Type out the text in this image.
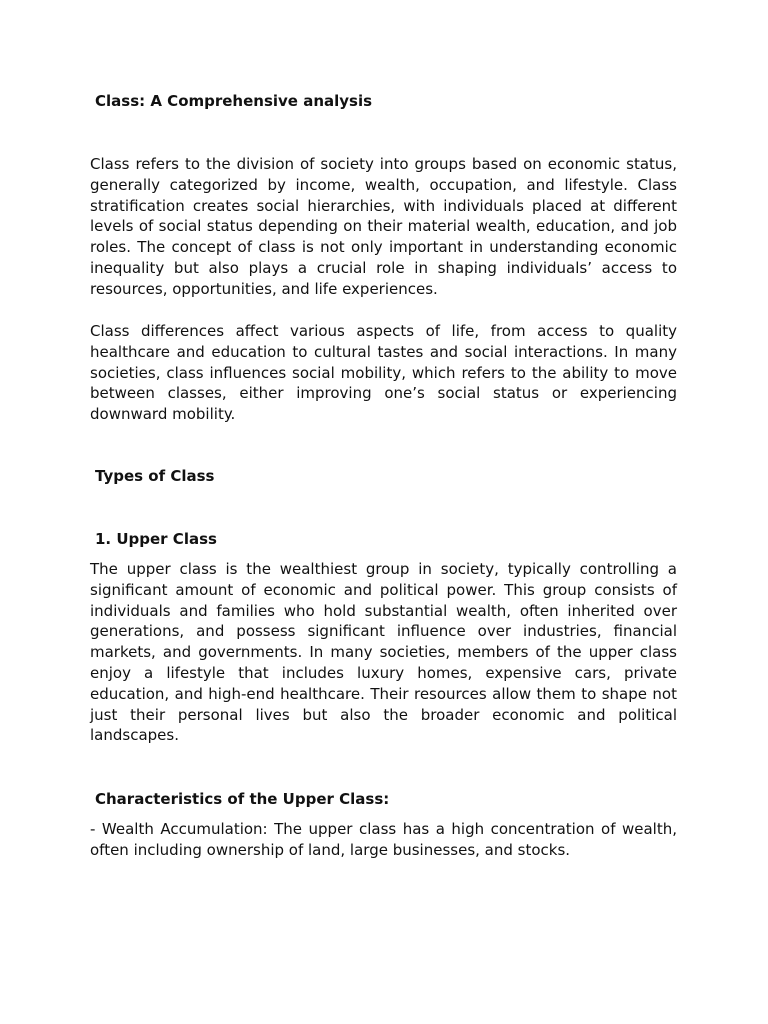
Class: A Comprehensive analysis

Class refers to the division of society into groups based on economic status, generally categorized by income, wealth, occupation, and lifestyle. Class stratification creates social hierarchies, with individuals placed at different levels of social status depending on their material wealth, education, and job roles. The concept of class is not only important in understanding economic inequality but also plays a crucial role in shaping individuals’ access to resources, opportunities, and life experiences.

Class differences affect various aspects of life, from access to quality healthcare and education to cultural tastes and social interactions. In many societies, class influences social mobility, which refers to the ability to move between classes, either improving one’s social status or experiencing downward mobility.

Types of Class
1. Upper Class

The upper class is the wealthiest group in society, typically controlling a significant amount of economic and political power. This group consists of individuals and families who hold substantial wealth, often inherited over generations, and possess significant influence over industries, financial markets, and governments. In many societies, members of the upper class enjoy a lifestyle that includes luxury homes, expensive cars, private education, and high-end healthcare. Their resources allow them to shape not just their personal lives but also the broader economic and political landscapes.

Characteristics of the Upper Class:

- Wealth Accumulation: The upper class has a high concentration of wealth, often including ownership of land, large businesses, and stocks.
